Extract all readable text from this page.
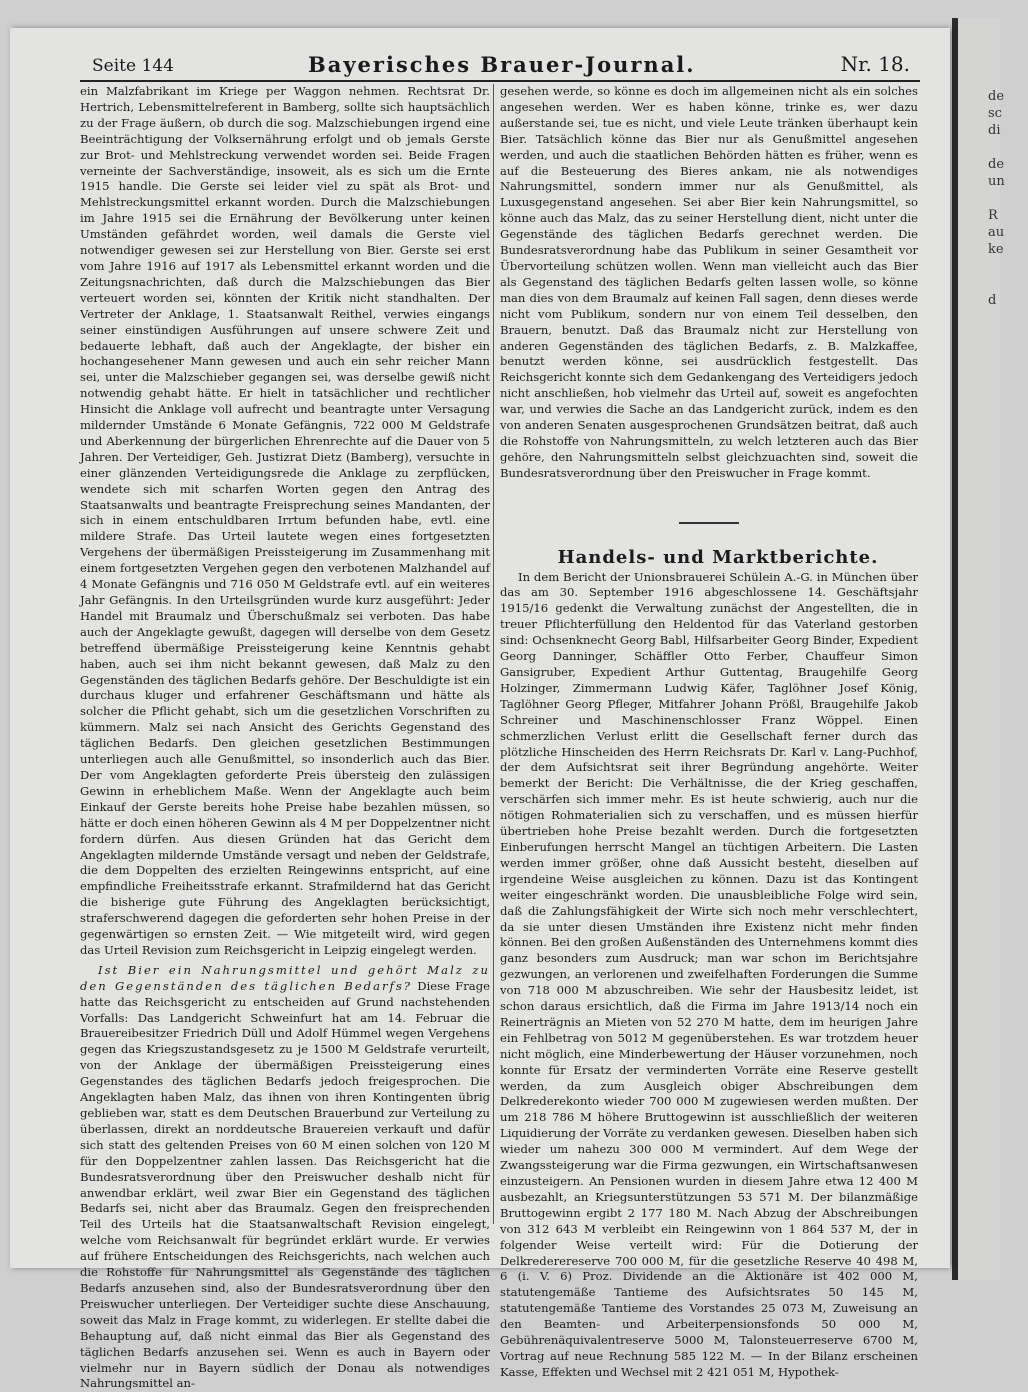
de
sc
di

de
un

R
au
ke

d
Seite 144	Bayerisches Brauer-Journal.	Nr. 18.

ein Malzfabrikant im Kriege per Waggon nehmen. Rechtsrat Dr. Hertrich, Lebensmittelreferent in Bamberg, sollte sich hauptsächlich zu der Frage äußern, ob durch die sog. Malzschiebungen irgend eine Beeinträchtigung der Volksernährung erfolgt und ob jemals Gerste zur Brot- und Mehlstreckung verwendet worden sei. Beide Fragen verneinte der Sachverständige, insoweit, als es sich um die Ernte 1915 handle. Die Gerste sei leider viel zu spät als Brot- und Mehlstreckungsmittel erkannt worden. Durch die Malzschiebungen im Jahre 1915 sei die Ernährung der Bevölkerung unter keinen Umständen gefährdet worden, weil damals die Gerste viel notwendiger gewesen sei zur Herstellung von Bier. Gerste sei erst vom Jahre 1916 auf 1917 als Lebensmittel erkannt worden und die Zeitungsnachrichten, daß durch die Malzschiebungen das Bier verteuert worden sei, könnten der Kritik nicht standhalten. Der Vertreter der Anklage, 1. Staatsanwalt Reithel, verwies eingangs seiner einstündigen Ausführungen auf unsere schwere Zeit und bedauerte lebhaft, daß auch der Angeklagte, der bisher ein hochangesehener Mann gewesen und auch ein sehr reicher Mann sei, unter die Malzschieber gegangen sei, was derselbe gewiß nicht notwendig gehabt hätte. Er hielt in tatsächlicher und rechtlicher Hinsicht die Anklage voll aufrecht und beantragte unter Versagung mildernder Umstände 6 Monate Gefängnis, 722 000 M Geldstrafe und Aberkennung der bürgerlichen Ehrenrechte auf die Dauer von 5 Jahren. Der Verteidiger, Geh. Justizrat Dietz (Bamberg), versuchte in einer glänzenden Verteidigungsrede die Anklage zu zerpflücken, wendete sich mit scharfen Worten gegen den Antrag des Staatsanwalts und beantragte Freisprechung seines Mandanten, der sich in einem entschuldbaren Irrtum befunden habe, evtl. eine mildere Strafe. Das Urteil lautete wegen eines fortgesetzten Vergehens der übermäßigen Preissteigerung im Zusammenhang mit einem fortgesetzten Vergehen gegen den verbotenen Malzhandel auf 4 Monate Gefängnis und 716 050 M Geldstrafe evtl. auf ein weiteres Jahr Gefängnis. In den Urteilsgründen wurde kurz ausgeführt: Jeder Handel mit Braumalz und Überschußmalz sei verboten. Das habe auch der Angeklagte gewußt, dagegen will derselbe von dem Gesetz betreffend übermäßige Preissteigerung keine Kenntnis gehabt haben, auch sei ihm nicht bekannt gewesen, daß Malz zu den Gegenständen des täglichen Bedarfs gehöre. Der Beschuldigte ist ein durchaus kluger und erfahrener Geschäftsmann und hätte als solcher die Pflicht gehabt, sich um die gesetzlichen Vorschriften zu kümmern. Malz sei nach Ansicht des Gerichts Gegenstand des täglichen Bedarfs. Den gleichen gesetzlichen Bestimmungen unterliegen auch alle Genußmittel, so insonderlich auch das Bier. Der vom Angeklagten geforderte Preis übersteig den zulässigen Gewinn in erheblichem Maße. Wenn der Angeklagte auch beim Einkauf der Gerste bereits hohe Preise habe bezahlen müssen, so hätte er doch einen höheren Gewinn als 4 M per Doppelzentner nicht fordern dürfen. Aus diesen Gründen hat das Gericht dem Angeklagten mildernde Umstände versagt und neben der Geldstrafe, die dem Doppelten des erzielten Reingewinns entspricht, auf eine empfindliche Freiheitsstrafe erkannt. Strafmildernd hat das Gericht die bisherige gute Führung des Angeklagten berücksichtigt, straferschwerend dagegen die geforderten sehr hohen Preise in der gegenwärtigen so ernsten Zeit. — Wie mitgeteilt wird, wird gegen das Urteil Revision zum Reichsgericht in Leipzig eingelegt werden.

Ist Bier ein Nahrungsmittel und gehört Malz zu den Gegenständen des täglichen Bedarfs? Diese Frage hatte das Reichsgericht zu entscheiden auf Grund nachstehenden Vorfalls: Das Landgericht Schweinfurt hat am 14. Februar die Brauereibesitzer Friedrich Düll und Adolf Hümmel wegen Vergehens gegen das Kriegszustandsgesetz zu je 1500 M Geldstrafe verurteilt, von der Anklage der übermäßigen Preissteigerung eines Gegenstandes des täglichen Bedarfs jedoch freigesprochen. Die Angeklagten haben Malz, das ihnen von ihren Kontingenten übrig geblieben war, statt es dem Deutschen Brauerbund zur Verteilung zu überlassen, direkt an norddeutsche Brauereien verkauft und dafür sich statt des geltenden Preises von 60 M einen solchen von 120 M für den Doppelzentner zahlen lassen. Das Reichsgericht hat die Bundesratsverordnung über den Preiswucher deshalb nicht für anwendbar erklärt, weil zwar Bier ein Gegenstand des täglichen Bedarfs sei, nicht aber das Braumalz. Gegen den freisprechenden Teil des Urteils hat die Staatsanwaltschaft Revision eingelegt, welche vom Reichsanwalt für begründet erklärt wurde. Er verwies auf frühere Entscheidungen des Reichsgerichts, nach welchen auch die Rohstoffe für Nahrungsmittel als Gegenstände des täglichen Bedarfs anzusehen sind, also der Bundesratsverordnung über den Preiswucher unterliegen. Der Verteidiger suchte diese Anschauung, soweit das Malz in Frage kommt, zu widerlegen. Er stellte dabei die Behauptung auf, daß nicht einmal das Bier als Gegenstand des täglichen Bedarfs anzusehen sei. Wenn es auch in Bayern oder vielmehr nur in Bayern südlich der Donau als notwendiges Nahrungsmittel an-

gesehen werde, so könne es doch im allgemeinen nicht als ein solches angesehen werden. Wer es haben könne, trinke es, wer dazu außerstande sei, tue es nicht, und viele Leute tränken überhaupt kein Bier. Tatsächlich könne das Bier nur als Genußmittel angesehen werden, und auch die staatlichen Behörden hätten es früher, wenn es auf die Besteuerung des Bieres ankam, nie als notwendiges Nahrungsmittel, sondern immer nur als Genußmittel, als Luxusgegenstand angesehen. Sei aber Bier kein Nahrungsmittel, so könne auch das Malz, das zu seiner Herstellung dient, nicht unter die Gegenstände des täglichen Bedarfs gerechnet werden. Die Bundesratsverordnung habe das Publikum in seiner Gesamtheit vor Übervorteilung schützen wollen. Wenn man vielleicht auch das Bier als Gegenstand des täglichen Bedarfs gelten lassen wolle, so könne man dies von dem Braumalz auf keinen Fall sagen, denn dieses werde nicht vom Publikum, sondern nur von einem Teil desselben, den Brauern, benutzt. Daß das Braumalz nicht zur Herstellung von anderen Gegenständen des täglichen Bedarfs, z. B. Malzkaffee, benutzt werden könne, sei ausdrücklich festgestellt. Das Reichsgericht konnte sich dem Gedankengang des Verteidigers jedoch nicht anschließen, hob vielmehr das Urteil auf, soweit es angefochten war, und verwies die Sache an das Landgericht zurück, indem es den von anderen Senaten ausgesprochenen Grundsätzen beitrat, daß auch die Rohstoffe von Nahrungsmitteln, zu welch letzteren auch das Bier gehöre, den Nahrungsmitteln selbst gleichzuachten sind, soweit die Bundesratsverordnung über den Preiswucher in Frage kommt.

Handels- und Marktberichte.

In dem Bericht der Unionsbrauerei Schülein A.-G. in München über das am 30. September 1916 abgeschlossene 14. Geschäftsjahr 1915/16 gedenkt die Verwaltung zunächst der Angestellten, die in treuer Pflichterfüllung den Heldentod für das Vaterland gestorben sind: Ochsenknecht Georg Babl, Hilfsarbeiter Georg Binder, Expedient Georg Danninger, Schäffler Otto Ferber, Chauffeur Simon Gansigruber, Expedient Arthur Guttentag, Braugehilfe Georg Holzinger, Zimmermann Ludwig Käfer, Taglöhner Josef König, Taglöhner Georg Pfleger, Mitfahrer Johann Prößl, Braugehilfe Jakob Schreiner und Maschinenschlosser Franz Wöppel. Einen schmerzlichen Verlust erlitt die Gesellschaft ferner durch das plötzliche Hinscheiden des Herrn Reichsrats Dr. Karl v. Lang-Puchhof, der dem Aufsichtsrat seit ihrer Begründung angehörte. Weiter bemerkt der Bericht: Die Verhältnisse, die der Krieg geschaffen, verschärfen sich immer mehr. Es ist heute schwierig, auch nur die nötigen Rohmaterialien sich zu verschaffen, und es müssen hierfür übertrieben hohe Preise bezahlt werden. Durch die fortgesetzten Einberufungen herrscht Mangel an tüchtigen Arbeitern. Die Lasten werden immer größer, ohne daß Aussicht besteht, dieselben auf irgendeine Weise ausgleichen zu können. Dazu ist das Kontingent weiter eingeschränkt worden. Die unausbleibliche Folge wird sein, daß die Zahlungsfähigkeit der Wirte sich noch mehr verschlechtert, da sie unter diesen Umständen ihre Existenz nicht mehr finden können. Bei den großen Außenständen des Unternehmens kommt dies ganz besonders zum Ausdruck; man war schon im Berichtsjahre gezwungen, an verlorenen und zweifelhaften Forderungen die Summe von 718 000 M abzuschreiben. Wie sehr der Hausbesitz leidet, ist schon daraus ersichtlich, daß die Firma im Jahre 1913/14 noch ein Reinerträgnis an Mieten von 52 270 M hatte, dem im heurigen Jahre ein Fehlbetrag von 5012 M gegenüberstehen. Es war trotzdem heuer nicht möglich, eine Minderbewertung der Häuser vorzunehmen, noch konnte für Ersatz der verminderten Vorräte eine Reserve gestellt werden, da zum Ausgleich obiger Abschreibungen dem Delkrederekonto wieder 700 000 M zugewiesen werden mußten. Der um 218 786 M höhere Bruttogewinn ist ausschließlich der weiteren Liquidierung der Vorräte zu verdanken gewesen. Dieselben haben sich wieder um nahezu 300 000 M vermindert. Auf dem Wege der Zwangssteigerung war die Firma gezwungen, ein Wirtschaftsanwesen einzusteigern. An Pensionen wurden in diesem Jahre etwa 12 400 M ausbezahlt, an Kriegsunterstützungen 53 571 M. Der bilanzmäßige Bruttogewinn ergibt 2 177 180 M. Nach Abzug der Abschreibungen von 312 643 M verbleibt ein Reingewinn von 1 864 537 M, der in folgender Weise verteilt wird: Für die Dotierung der Delkrederereserve 700 000 M, für die gesetzliche Reserve 40 498 M, 6 (i. V. 6) Proz. Dividende an die Aktionäre ist 402 000 M, statutengemäße Tantieme des Aufsichtsrates 50 145 M, statutengemäße Tantieme des Vorstandes 25 073 M, Zuweisung an den Beamten- und Arbeiterpensionsfonds 50 000 M, Gebührenäquivalentreserve 5000 M, Talonsteuerreserve 6700 M, Vortrag auf neue Rechnung 585 122 M. — In der Bilanz erscheinen Kasse, Effekten und Wechsel mit 2 421 051 M, Hypothek-
